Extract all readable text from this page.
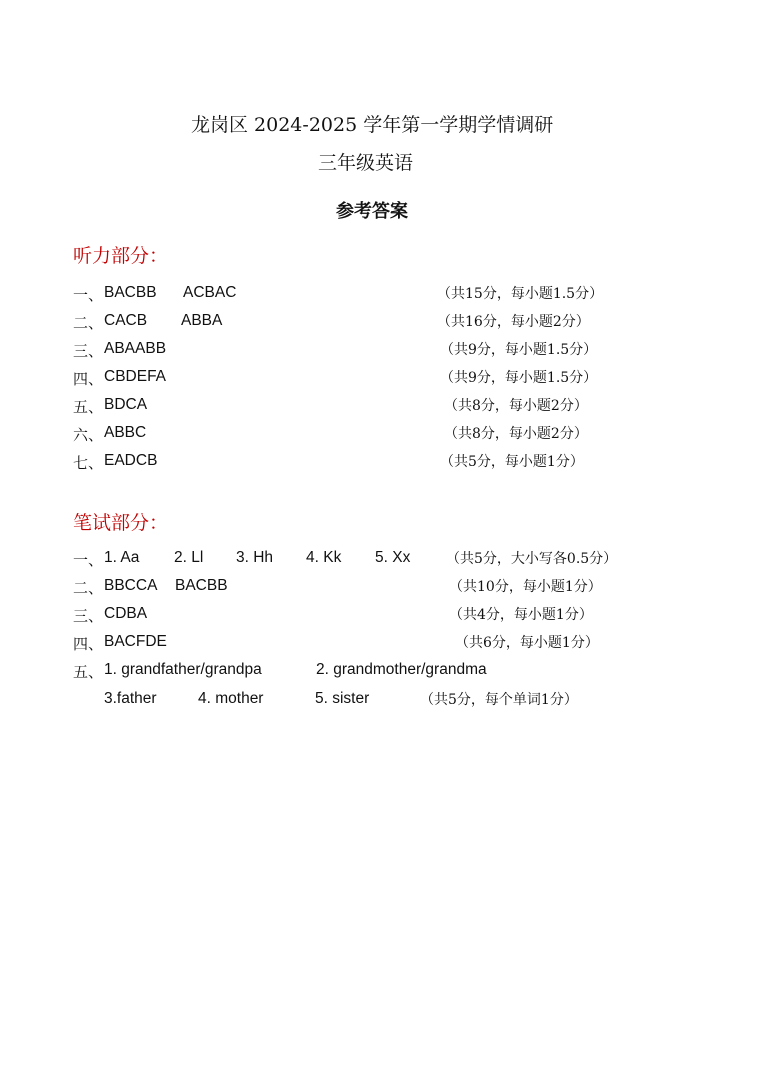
龙岗区 2024-2025 学年第一学期学情调研
三年级英语
参考答案
听力部分：
一、 BACBB ACBAC	（共15分，每小题1.5分）
二、 CACB ABBA	（共16分，每小题2分）
三、 ABAABB	（共9分，每小题1.5分）
四、 CBDEFA	（共9分，每小题1.5分）
五、 BDCA	（共8分，每小题2分）
六、 ABBC	（共8分，每小题2分）
七、 EADCB	（共5分，每小题1分）
笔试部分：
一、 1. Aa 2. Ll 3. Hh 4. Kk 5. Xx	（共5分，大小写各0.5分）
二、 BBCCA BACBB	（共10分，每小题1分）
三、 CDBA	（共4分，每小题1分）
四、 BACFDE	（共6分，每小题1分）
五、 1. grandfather/grandpa	2. grandmother/grandma
3.father	4. mother	5. sister	（共5分，每个单词1分）
